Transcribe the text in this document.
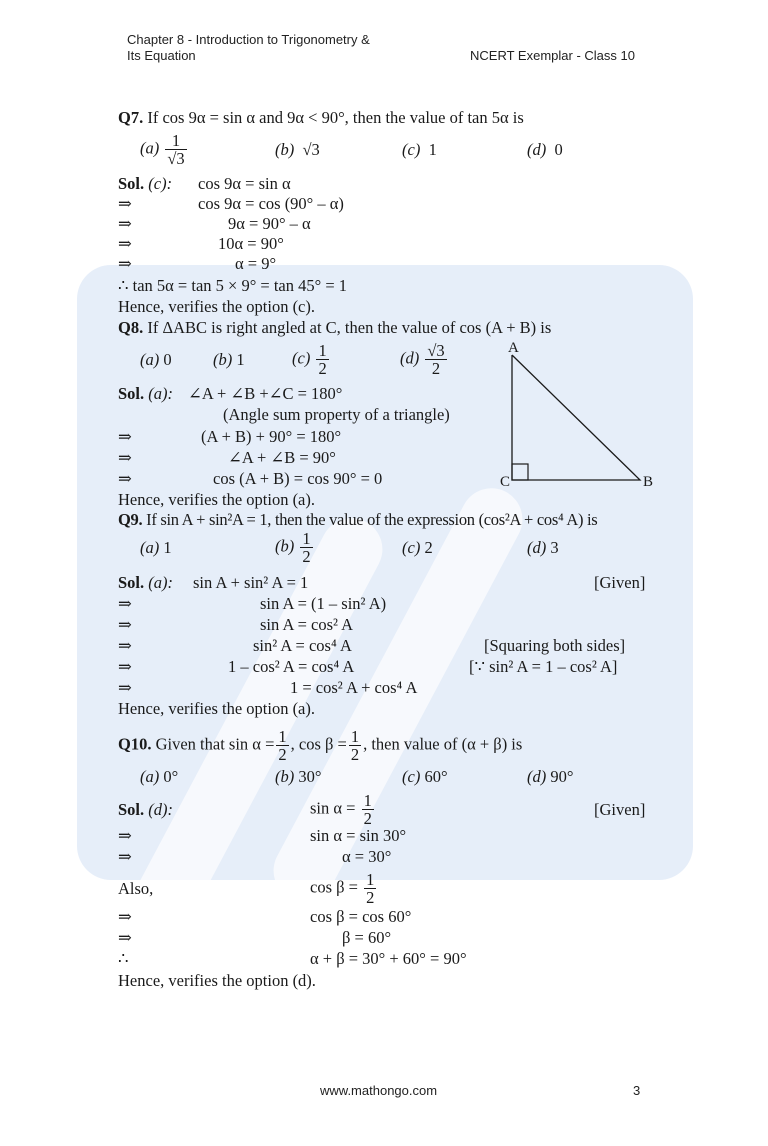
Chapter 8 - Introduction to Trigonometry &
Its Equation	NCERT Exemplar - Class 10
Q7. If cos 9α = sin α and 9α < 90°, then the value of tan 5α is
$(a) \frac{1}{√3}$	(b) √3	(c) 1	(d) 0
Sol. (c): cos 9α = sin α
⇒	cos 9α = cos (90° – α)
⇒	9α = 90° – α
⇒	10α = 90°
⇒	α = 9°
∴ tan 5α = tan 5 × 9° = tan 45° = 1
Hence, verifies the option (c).
Q8. If ΔABC is right angled at C, then the value of cos (A + B) is
(a) 0	(b) 1	$(c) \frac{1}{2}$	$(d) \frac{√3}{2}$
Sol. (a): ∠A + ∠B +∠C = 180°
(Angle sum property of a triangle)
⇒	(A + B) + 90° = 180°
⇒	∠A + ∠B = 90°
⇒	cos (A + B) = cos 90° = 0
Hence, verifies the option (a).
A
C	B
Q9. If sin A + sin²A = 1, then the value of the expression (cos²A + cos⁴ A) is
(a) 1	$(b) \frac{1}{2}$	(c) 2	(d) 3
Sol. (a): sin A + sin² A = 1	[Given]
⇒	sin A = (1 – sin² A)
⇒	sin A = cos² A
⇒	sin² A = cos⁴ A	[Squaring both sides]
⇒	1 – cos² A = cos⁴ A	[∵ sin² A = 1 – cos² A]
⇒	1 = cos² A + cos⁴ A
Hence, verifies the option (a).
Q10. Given that $\sin \alpha = \frac{1}{2}$ , $\cos \beta = \frac{1}{2}$ , then value of (α + β) is
(a) 0°	(b) 30°	(c) 60°	(d) 90°
Sol. (d):	$\sin \alpha = \frac{1}{2}$	[Given]
⇒	sin α = sin 30°
⇒	α = 30°
Also,	$\cos \beta = \frac{1}{2}$
⇒	cos β = cos 60°
⇒	β = 60°
∴	α + β = 30° + 60° = 90°
Hence, verifies the option (d).
www.mathongo.com	3
